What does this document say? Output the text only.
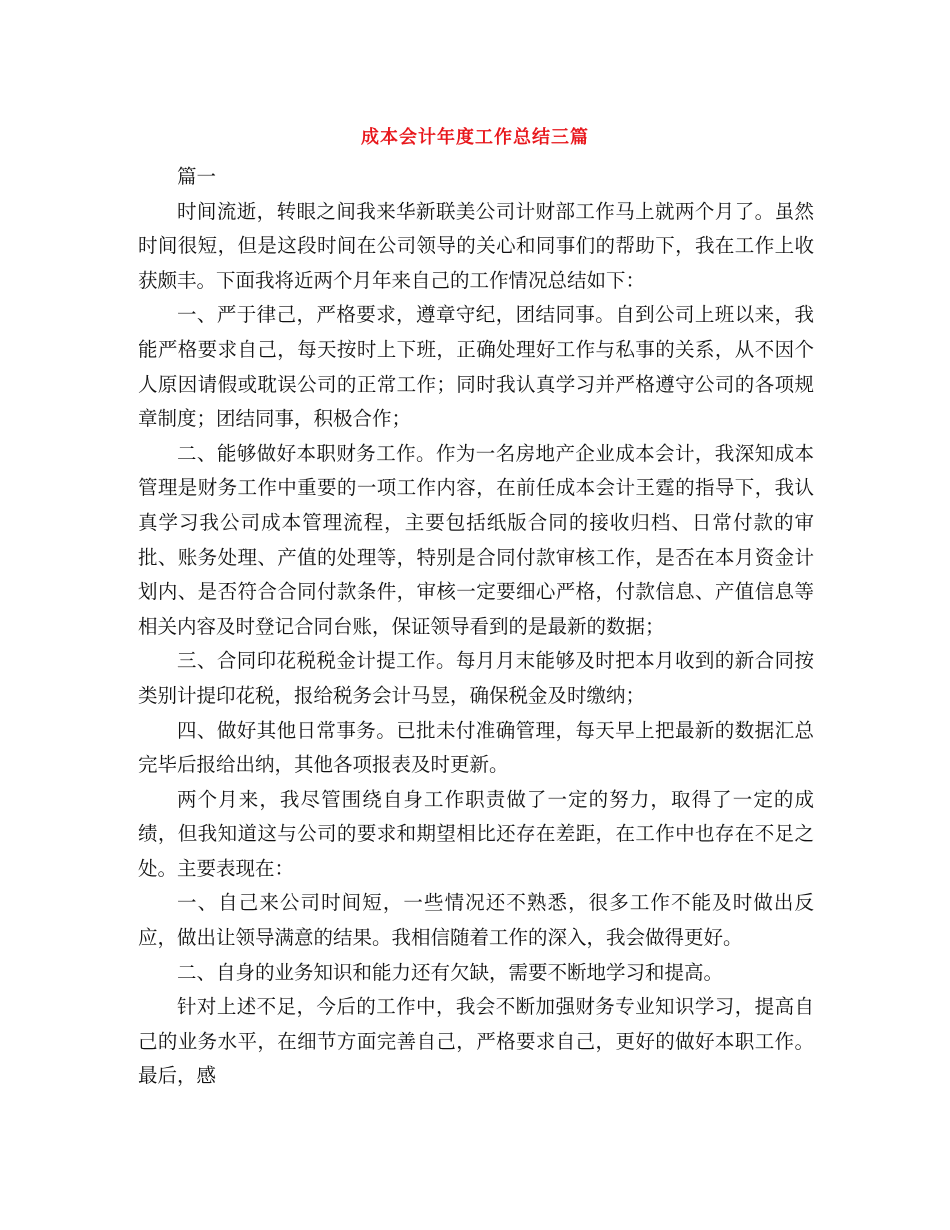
成本会计年度工作总结三篇

篇一

时间流逝，转眼之间我来华新联美公司计财部工作马上就两个月了。虽然时间很短，但是这段时间在公司领导的关心和同事们的帮助下，我在工作上收获颇丰。下面我将近两个月年来自己的工作情况总结如下：

一、严于律己，严格要求，遵章守纪，团结同事。自到公司上班以来，我能严格要求自己，每天按时上下班，正确处理好工作与私事的关系，从不因个人原因请假或耽误公司的正常工作；同时我认真学习并严格遵守公司的各项规章制度；团结同事，积极合作；

二、能够做好本职财务工作。作为一名房地产企业成本会计，我深知成本管理是财务工作中重要的一项工作内容，在前任成本会计王霆的指导下，我认真学习我公司成本管理流程，主要包括纸版合同的接收归档、日常付款的审批、账务处理、产值的处理等，特别是合同付款审核工作，是否在本月资金计划内、是否符合合同付款条件，审核一定要细心严格，付款信息、产值信息等相关内容及时登记合同台账，保证领导看到的是最新的数据；

三、合同印花税税金计提工作。每月月末能够及时把本月收到的新合同按类别计提印花税，报给税务会计马昱，确保税金及时缴纳；

四、做好其他日常事务。已批未付准确管理，每天早上把最新的数据汇总完毕后报给出纳，其他各项报表及时更新。

两个月来，我尽管围绕自身工作职责做了一定的努力，取得了一定的成绩，但我知道这与公司的要求和期望相比还存在差距，在工作中也存在不足之处。主要表现在：

一、自己来公司时间短，一些情况还不熟悉，很多工作不能及时做出反应，做出让领导满意的结果。我相信随着工作的深入，我会做得更好。

二、自身的业务知识和能力还有欠缺，需要不断地学习和提高。

针对上述不足，今后的工作中，我会不断加强财务专业知识学习，提高自己的业务水平，在细节方面完善自己，严格要求自己，更好的做好本职工作。最后，感
